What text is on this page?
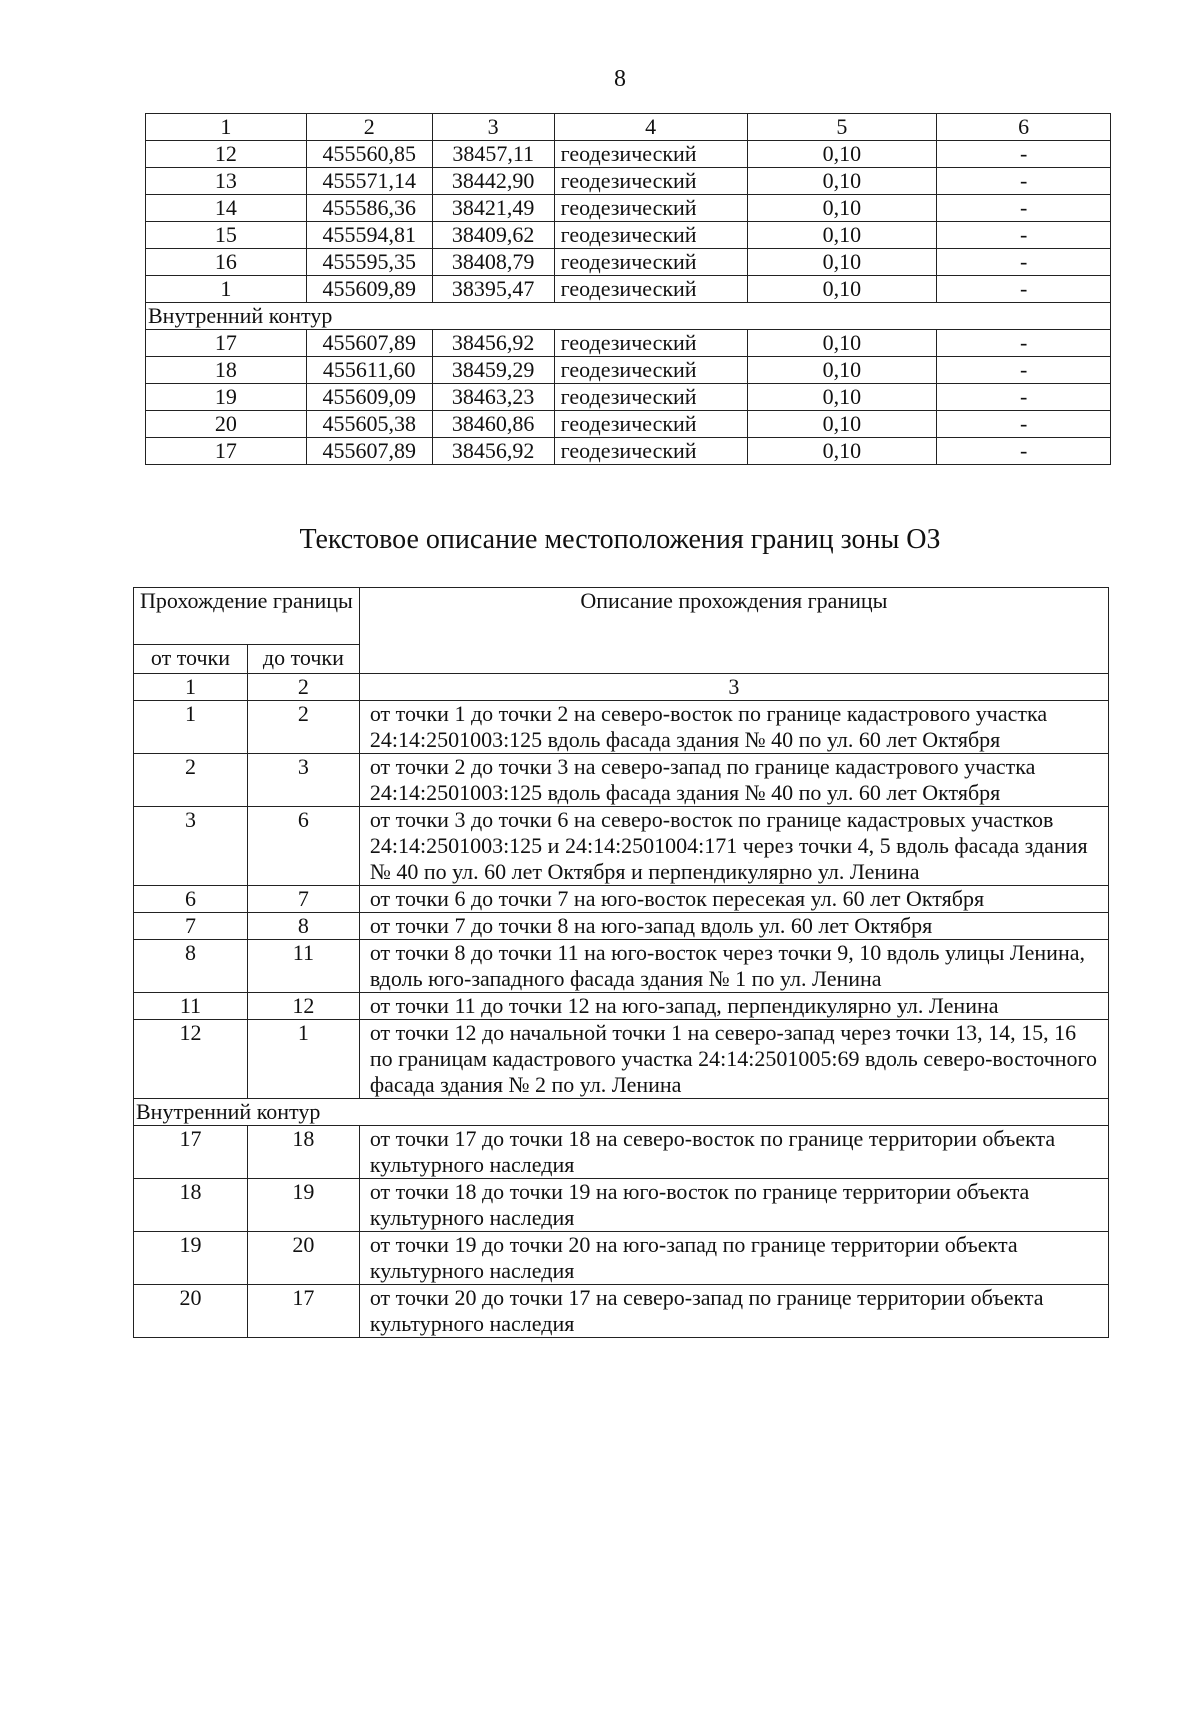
8
1	2	3	4	5	6
12	455560,85	38457,11	геодезический	0,10	-
13	455571,14	38442,90	геодезический	0,10	-
14	455586,36	38421,49	геодезический	0,10	-
15	455594,81	38409,62	геодезический	0,10	-
16	455595,35	38408,79	геодезический	0,10	-
1	455609,89	38395,47	геодезический	0,10	-
Внутренний контур					
17	455607,89	38456,92	геодезический	0,10	-
18	455611,60	38459,29	геодезический	0,10	-
19	455609,09	38463,23	геодезический	0,10	-
20	455605,38	38460,86	геодезический	0,10	-
17	455607,89	38456,92	геодезический	0,10	-
Текстовое описание местоположения границ зоны ОЗ
Прохождение границы		Описание прохождения границы
от точки	до точки	
1	2	3
1	2	от точки 1 до точки 2 на северо-восток по границе кадастрового участка 24:14:2501003:125 вдоль фасада здания № 40 по ул. 60 лет Октября
2	3	от точки 2 до точки 3 на северо-запад по границе кадастрового участка 24:14:2501003:125 вдоль фасада здания № 40 по ул. 60 лет Октября
3	6	от точки 3 до точки 6 на северо-восток по границе кадастровых участков 24:14:2501003:125 и 24:14:2501004:171 через точки 4, 5 вдоль фасада здания № 40 по ул. 60 лет Октября и перпендикулярно ул. Ленина
6	7	от точки 6 до точки 7 на юго-восток пересекая ул. 60 лет Октября
7	8	от точки 7 до точки 8 на юго-запад вдоль ул. 60 лет Октября
8	11	от точки 8 до точки 11 на юго-восток через точки 9, 10 вдоль улицы Ленина, вдоль юго-западного фасада здания № 1 по ул. Ленина
11	12	от точки 11 до точки 12 на юго-запад, перпендикулярно ул. Ленина
12	1	от точки 12 до начальной точки 1 на северо-запад через точки 13, 14, 15, 16 по границам кадастрового участка 24:14:2501005:69 вдоль северо-восточного фасада здания № 2 по ул. Ленина
Внутренний контур		
17	18	от точки 17 до точки 18 на северо-восток по границе территории объекта культурного наследия
18	19	от точки 18 до точки 19 на юго-восток по границе территории объекта культурного наследия
19	20	от точки 19 до точки 20 на юго-запад по границе территории объекта культурного наследия
20	17	от точки 20 до точки 17 на северо-запад по границе территории объекта культурного наследия
